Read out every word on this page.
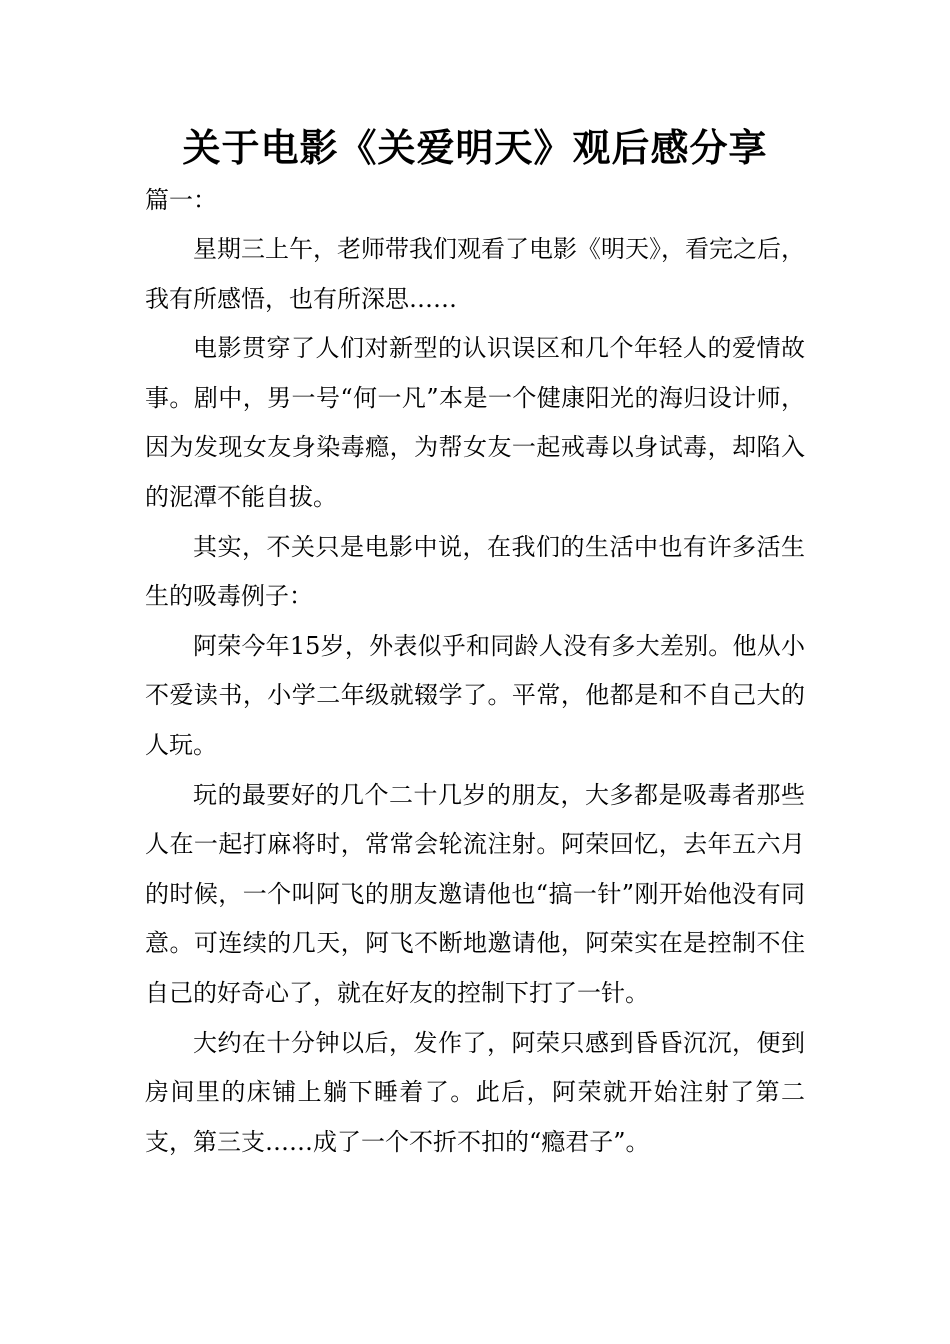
关于电影《关爱明天》观后感分享
篇一：

星期三上午，老师带我们观看了电影《明天》，看完之后，我有所感悟，也有所深思……

电影贯穿了人们对新型的认识误区和几个年轻人的爱情故事。剧中，男一号“何一凡”本是一个健康阳光的海归设计师，因为发现女友身染毒瘾，为帮女友一起戒毒以身试毒，却陷入的泥潭不能自拔。

其实，不关只是电影中说，在我们的生活中也有许多活生生的吸毒例子：

阿荣今年15岁，外表似乎和同龄人没有多大差别。他从小不爱读书，小学二年级就辍学了。平常，他都是和不自己大的人玩。

玩的最要好的几个二十几岁的朋友，大多都是吸毒者那些人在一起打麻将时，常常会轮流注射。阿荣回忆，去年五六月的时候，一个叫阿飞的朋友邀请他也“搞一针”刚开始他没有同意。可连续的几天，阿飞不断地邀请他，阿荣实在是控制不住自己的好奇心了，就在好友的控制下打了一针。

大约在十分钟以后，发作了，阿荣只感到昏昏沉沉，便到房间里的床铺上躺下睡着了。此后，阿荣就开始注射了第二支，第三支……成了一个不折不扣的“瘾君子”。
